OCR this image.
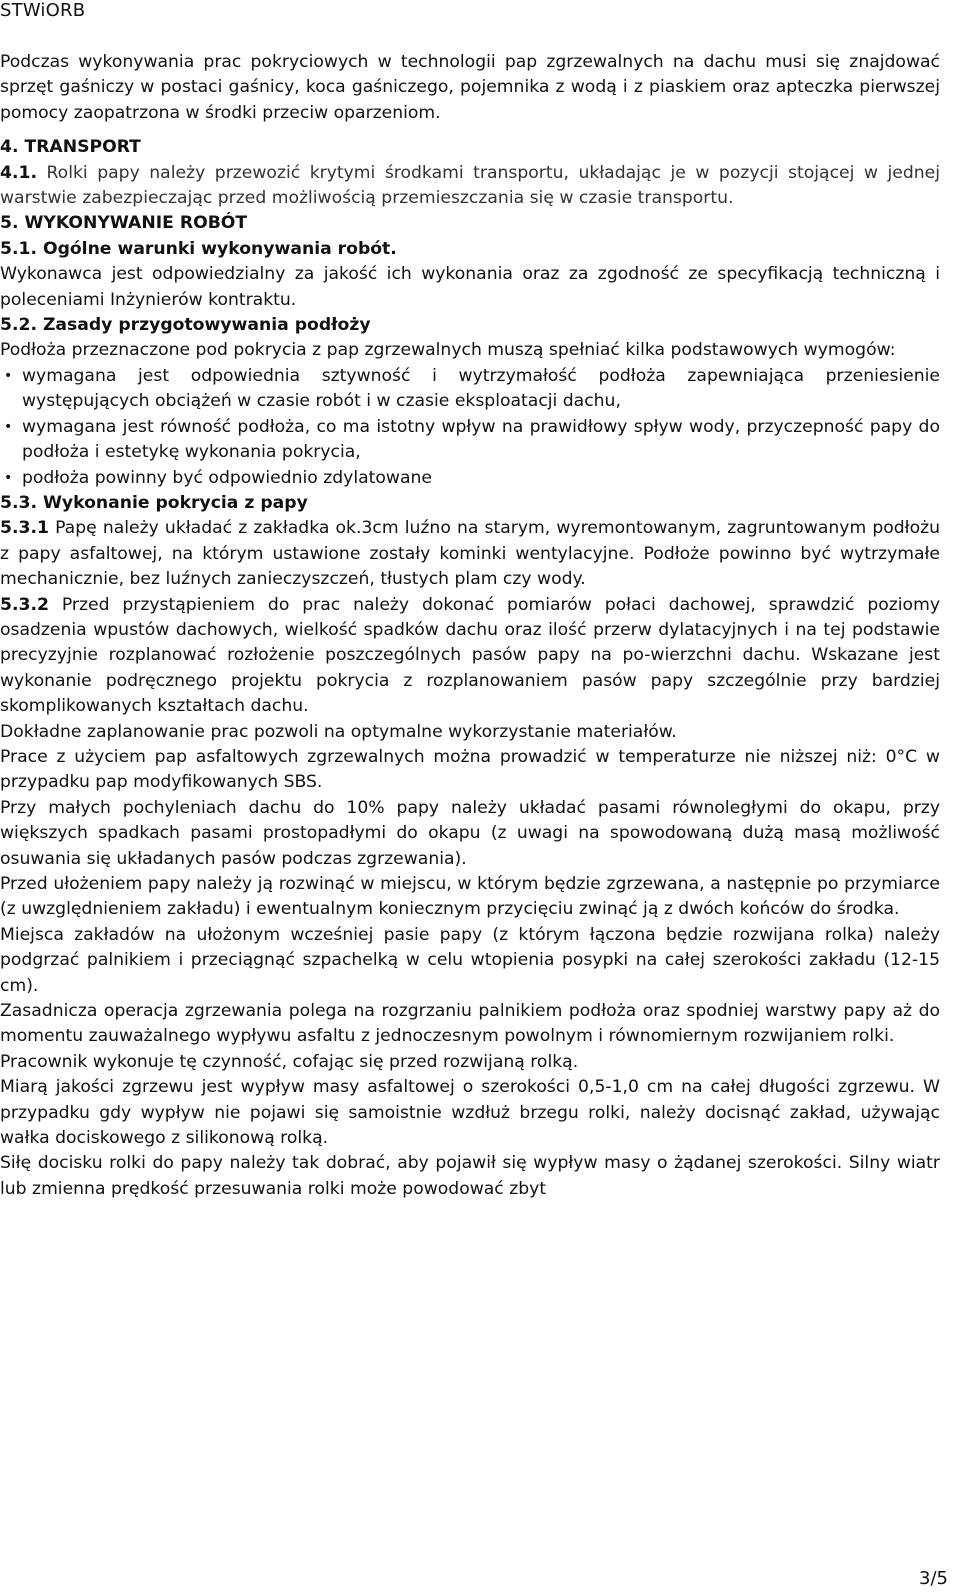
STWiORB

Podczas wykonywania prac pokryciowych w technologii pap zgrzewalnych na dachu musi się znajdować sprzęt gaśniczy w postaci gaśnicy, koca gaśniczego, pojemnika z wodą i z piaskiem oraz apteczka pierwszej pomocy zaopatrzona w środki przeciw oparzeniom.

4. TRANSPORT

4.1. Rolki papy należy przewozić krytymi środkami transportu, układając je w pozycji stojącej w jednej warstwie zabezpieczając przed możliwością przemieszczania się w czasie transportu.

5. WYKONYWANIE ROBÓT

5.1. Ogólne warunki wykonywania robót.

Wykonawca jest odpowiedzialny za jakość ich wykonania oraz za zgodność ze specyfikacją techniczną i poleceniami Inżynierów kontraktu.

5.2. Zasady przygotowywania podłoży

Podłoża przeznaczone pod pokrycia z pap zgrzewalnych muszą spełniać kilka podstawowych wymogów:

• wymagana jest odpowiednia sztywność i wytrzymałość podłoża zapewniająca przeniesienie występujących obciążeń w czasie robót i w czasie eksploatacji dachu,
• wymagana jest równość podłoża, co ma istotny wpływ na prawidłowy spływ wody, przyczepność papy do podłoża i estetykę wykonania pokrycia,
• podłoża powinny być odpowiednio zdylatowane

5.3. Wykonanie pokrycia z papy

5.3.1 Papę należy układać z zakładka ok.3cm luźno na starym, wyremontowanym, zagruntowanym podłożu z papy asfaltowej, na którym ustawione zostały kominki wentylacyjne. Podłoże powinno być wytrzymałe mechanicznie, bez luźnych zanieczyszczeń, tłustych plam czy wody.

5.3.2 Przed przystąpieniem do prac należy dokonać pomiarów połaci dachowej, sprawdzić poziomy osadzenia wpustów dachowych, wielkość spadków dachu oraz ilość przerw dylatacyjnych i na tej podstawie precyzyjnie rozplanować rozłożenie poszczególnych pasów papy na po-wierzchni dachu. Wskazane jest wykonanie podręcznego projektu pokrycia z rozplanowaniem pasów papy szczególnie przy bardziej skomplikowanych kształtach dachu.

Dokładne zaplanowanie prac pozwoli na optymalne wykorzystanie materiałów.

Prace z użyciem pap asfaltowych zgrzewalnych można prowadzić w temperaturze nie niższej niż: 0°C w przypadku pap modyfikowanych SBS.

Przy małych pochyleniach dachu do 10% papy należy układać pasami równoległymi do okapu, przy większych spadkach pasami prostopadłymi do okapu (z uwagi na spowodowaną dużą masą możliwość osuwania się układanych pasów podczas zgrzewania).

Przed ułożeniem papy należy ją rozwinąć w miejscu, w którym będzie zgrzewana, a następnie po przymiarce (z uwzględnieniem zakładu) i ewentualnym koniecznym przycięciu zwinąć ją z dwóch końców do środka.

Miejsca zakładów na ułożonym wcześniej pasie papy (z którym łączona będzie rozwijana rolka) należy podgrzać palnikiem i przeciągnąć szpachelką w celu wtopienia posypki na całej szerokości zakładu (12-15 cm).

Zasadnicza operacja zgrzewania polega na rozgrzaniu palnikiem podłoża oraz spodniej warstwy papy aż do momentu zauważalnego wypływu asfaltu z jednoczesnym powolnym i równomiernym rozwijaniem rolki.

Pracownik wykonuje tę czynność, cofając się przed rozwijaną rolką.

Miarą jakości zgrzewu jest wypływ masy asfaltowej o szerokości 0,5-1,0 cm na całej długości zgrzewu. W przypadku gdy wypływ nie pojawi się samoistnie wzdłuż brzegu rolki, należy docisnąć zakład, używając wałka dociskowego z silikonową rolką.

Siłę docisku rolki do papy należy tak dobrać, aby pojawił się wypływ masy o żądanej szerokości. Silny wiatr lub zmienna prędkość przesuwania rolki może powodować zbyt

3/5
